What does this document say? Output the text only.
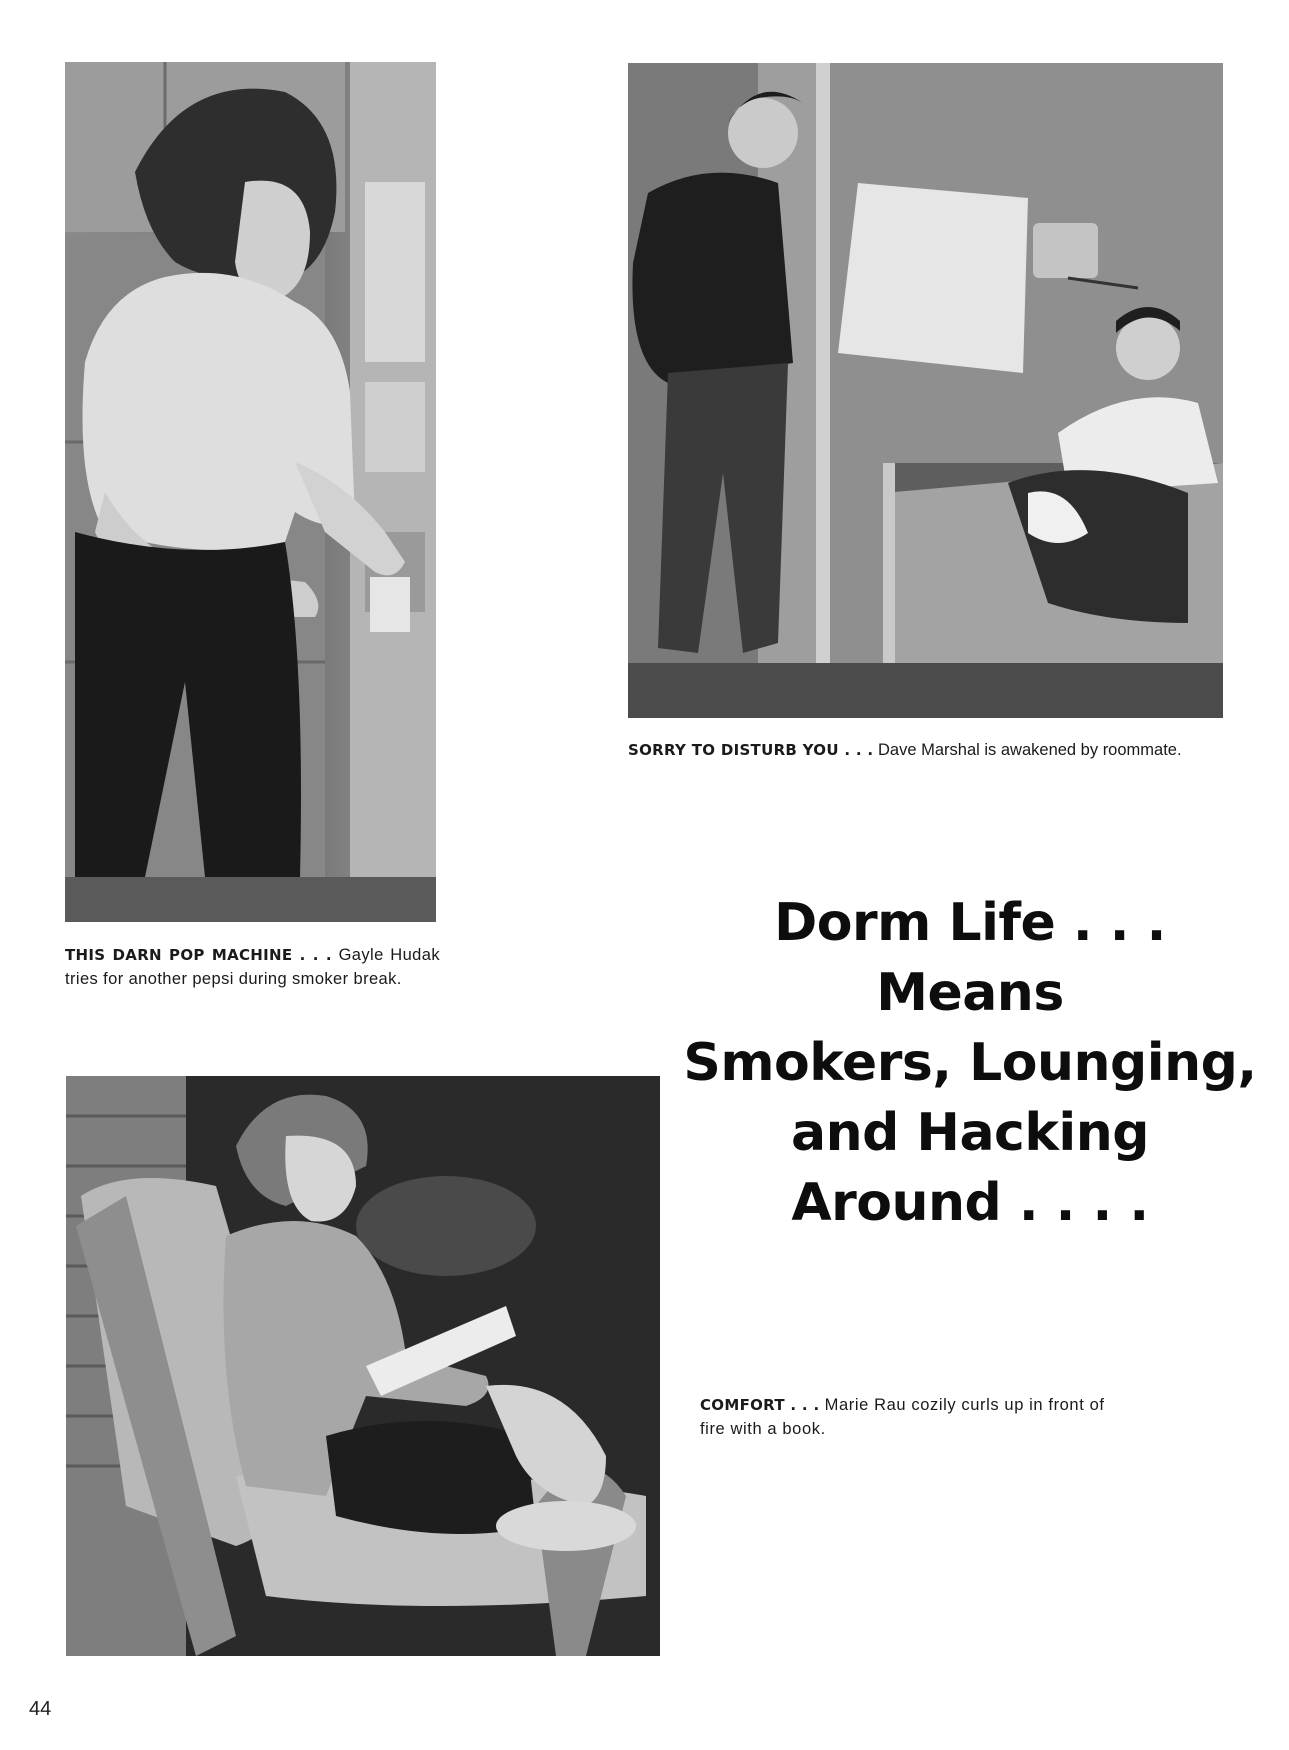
THIS DARN POP MACHINE . . . Gayle Hudak tries for another pepsi during smoker break.
SORRY TO DISTURB YOU . . . Dave Marshal is awakened by roommate.
COMFORT . . . Marie Rau cozily curls up in front of fire with a book.
Dorm Life . . .
Means
Smokers, Lounging,
and Hacking
Around . . . .
44
